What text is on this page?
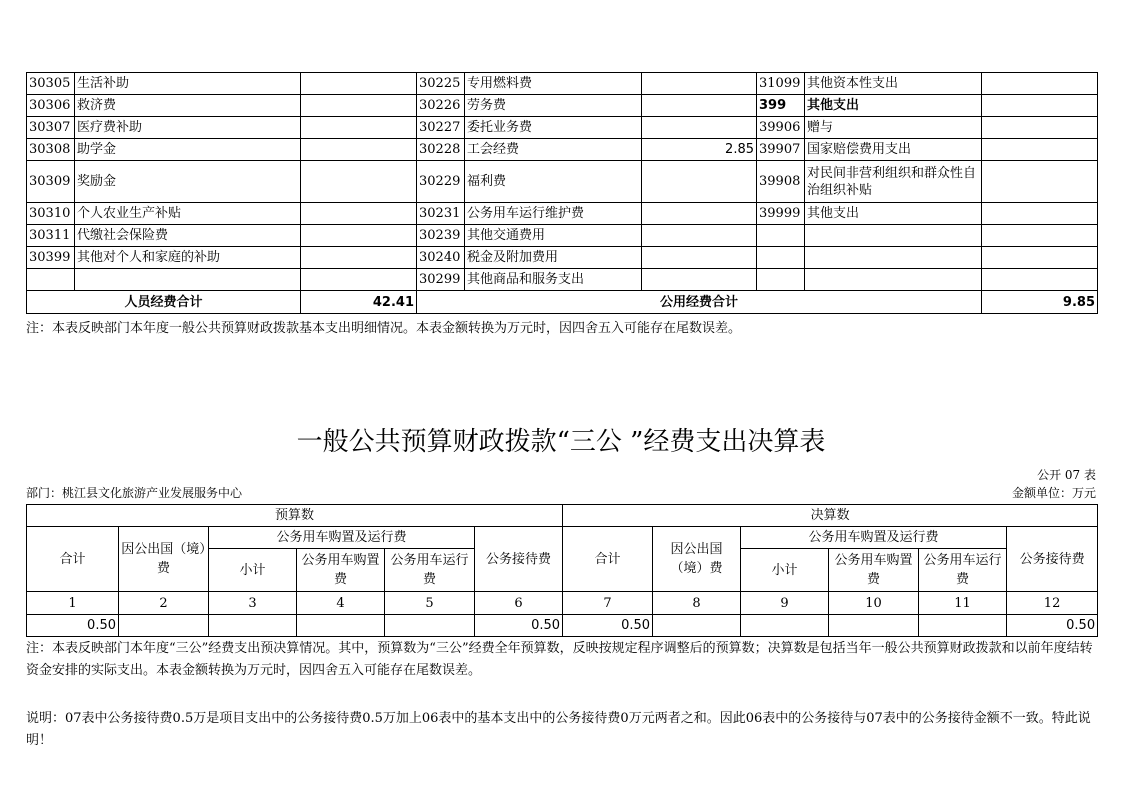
30305	生活补助		30225	专用燃料费		31099	其他资本性支出	
30306	救济费		30226	劳务费		399	其他支出	
30307	医疗费补助		30227	委托业务费		39906	赠与	
30308	助学金		30228	工会经费	2.85	39907	国家赔偿费用支出	
30309	奖励金		30229	福利费		39908	对民间非营利组织和群众性自治组织补贴	
30310	个人农业生产补贴		30231	公务用车运行维护费		39999	其他支出	
30311	代缴社会保险费		30239	其他交通费用				
30399	其他对个人和家庭的补助		30240	税金及附加费用				
			30299	其他商品和服务支出				
人员经费合计		42.41	公用经费合计					9.85
注：本表反映部门本年度一般公共预算财政拨款基本支出明细情况。本表金额转换为万元时，因四舍五入可能存在尾数误差。
一般公共预算财政拨款“三公 ”经费支出决算表
公开 07 表
部门：桃江县文化旅游产业发展服务中心	金额单位：万元
预算数						决算数					
合计	因公出国（境）费	公务用车购置及运行费			公务接待费	合计	因公出国（境）费	公务用车购置及运行费			公务接待费
		小计	公务用车购置费	公务用车运行费				小计	公务用车购置费	公务用车运行费	
1	2	3	4	5	6	7	8	9	10	11	12
0.50					0.50	0.50					0.50
注：本表反映部门本年度“三公”经费支出预决算情况。其中，预算数为“三公”经费全年预算数，反映按规定程序调整后的预算数；决算数是包括当年一般公共预算财政拨款和以前年度结转资金安排的实际支出。本表金额转换为万元时，因四舍五入可能存在尾数误差。
说明：07表中公务接待费0.5万是项目支出中的公务接待费0.5万加上06表中的基本支出中的公务接待费0万元两者之和。因此06表中的公务接待与07表中的公务接待金额不一致。特此说明！
